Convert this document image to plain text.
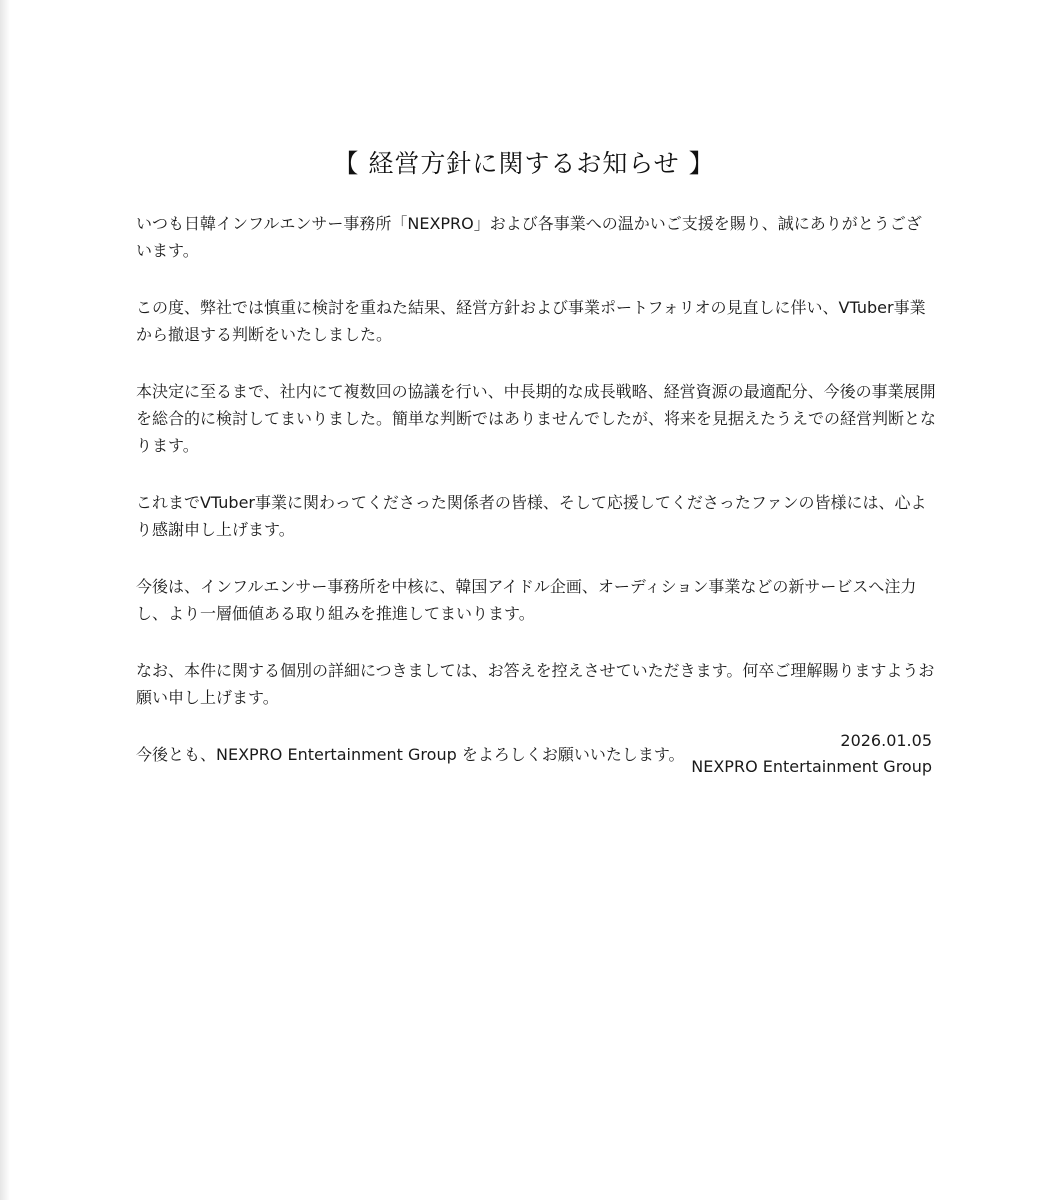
【 経営方針に関するお知らせ 】

いつも日韓インフルエンサー事務所「NEXPRO」および各事業への温かいご支援を賜り、誠にありがとうございます。

この度、弊社では慎重に検討を重ねた結果、経営方針および事業ポートフォリオの見直しに伴い、VTuber事業から撤退する判断をいたしました。

本決定に至るまで、社内にて複数回の協議を行い、中長期的な成長戦略、経営資源の最適配分、今後の事業展開を総合的に検討してまいりました。簡単な判断ではありませんでしたが、将来を見据えたうえでの経営判断となります。

これまでVTuber事業に関わってくださった関係者の皆様、そして応援してくださったファンの皆様には、心より感謝申し上げます。

今後は、インフルエンサー事務所を中核に、韓国アイドル企画、オーディション事業などの新サービスへ注力し、より一層価値ある取り組みを推進してまいります。

なお、本件に関する個別の詳細につきましては、お答えを控えさせていただきます。何卒ご理解賜りますようお願い申し上げます。

今後とも、NEXPRO Entertainment Group をよろしくお願いいたします。

2026.01.05
NEXPRO Entertainment Group
